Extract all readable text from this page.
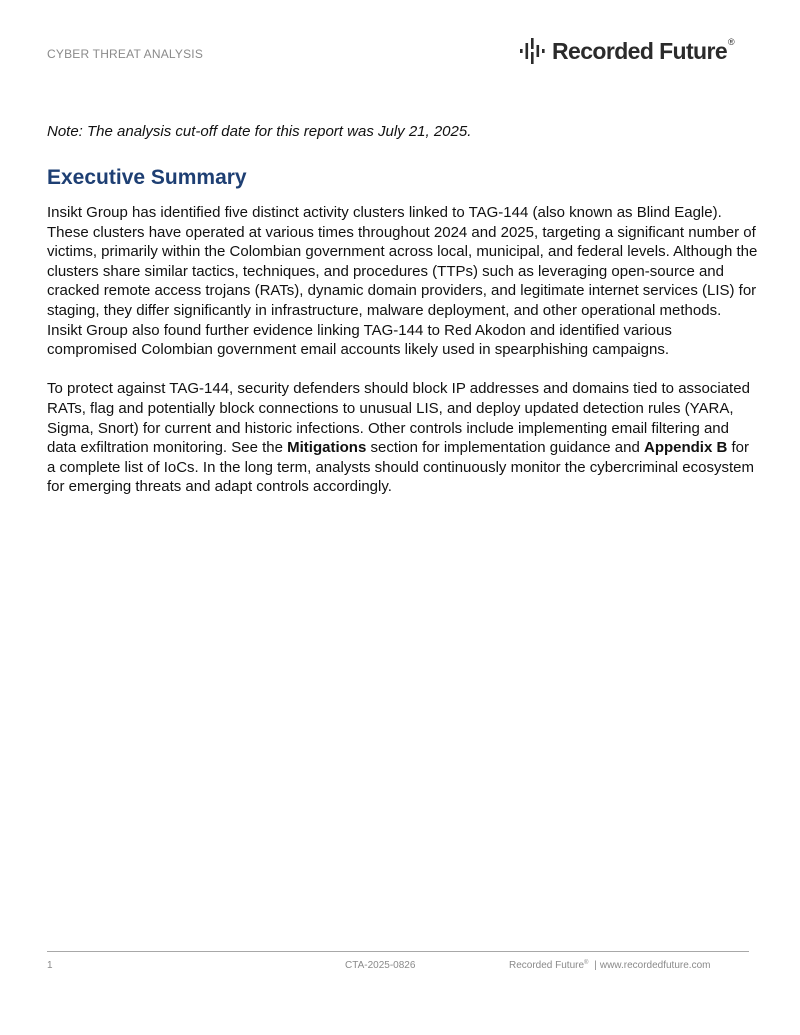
CYBER THREAT ANALYSIS	Recorded Future ®
Note: The analysis cut-off date for this report was July 21, 2025.
Executive Summary

Insikt Group has identified five distinct activity clusters linked to TAG-144 (also known as Blind Eagle). These clusters have operated at various times throughout 2024 and 2025, targeting a significant number of victims, primarily within the Colombian government across local, municipal, and federal levels. Although the clusters share similar tactics, techniques, and procedures (TTPs) such as leveraging open-source and cracked remote access trojans (RATs), dynamic domain providers, and legitimate internet services (LIS) for staging, they differ significantly in infrastructure, malware deployment, and other operational methods. Insikt Group also found further evidence linking TAG-144 to Red Akodon and identified various compromised Colombian government email accounts likely used in spearphishing campaigns.

To protect against TAG-144, security defenders should block IP addresses and domains tied to associated RATs, flag and potentially block connections to unusual LIS, and deploy updated detection rules (YARA, Sigma, Snort) for current and historic infections. Other controls include implementing email filtering and data exfiltration monitoring. See the Mitigations section for implementation guidance and Appendix B for a complete list of IoCs. In the long term, analysts should continuously monitor the cybercriminal ecosystem for emerging threats and adapt controls accordingly.

1	CTA-2025-0826	Recorded Future® | www.recordedfuture.com
